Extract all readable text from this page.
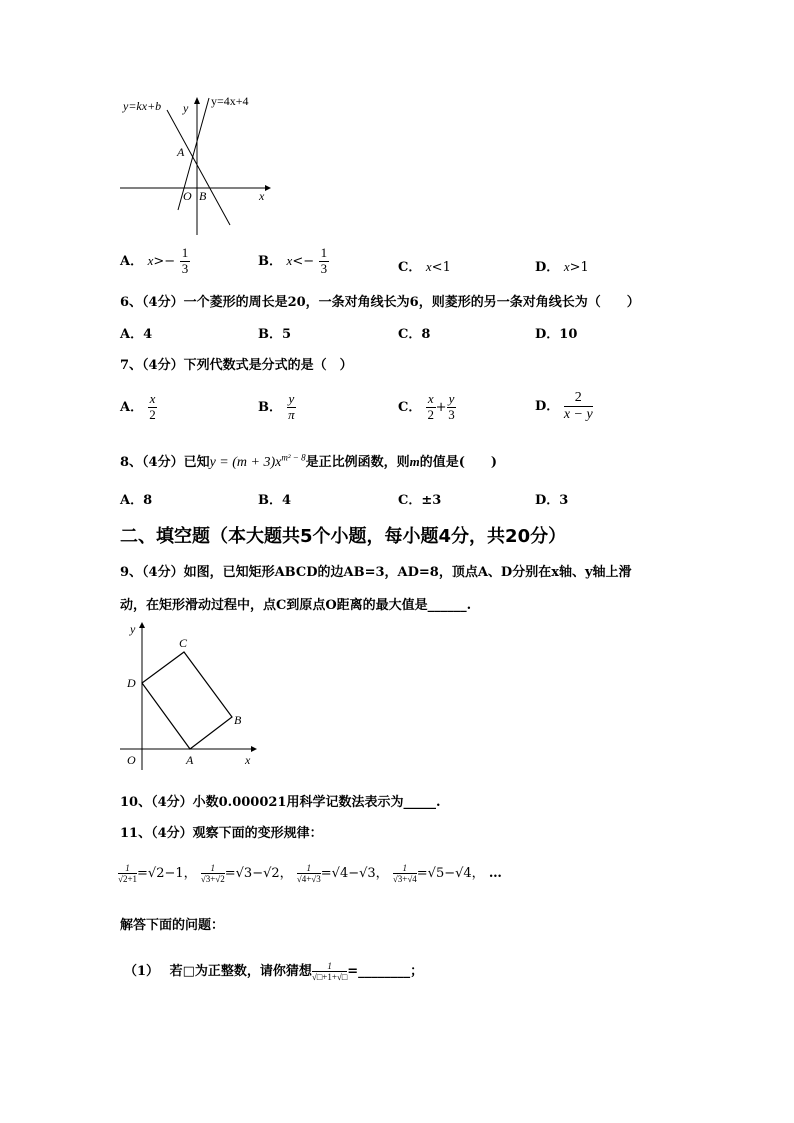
y=kx+b	y=4x+4
y
x
A
O B
A． $x>- \frac{1}{3}$	B． $x<- \frac{1}{3}$	C． x<1	D． x>1
6、（4分）一个菱形的周长是20，一条对角线长为6，则菱形的另一条对角线长为（　　）
A．4	B．5	C．8	D．10
7、（4分）下列代数式是分式的是（　）
A． $\frac{x}{2}$	B． $\frac{y}{\pi}$	C． $\frac{x}{2} + \frac{y}{3}$	D． $\frac{2}{x - y}$
8、（4分）已知$y = (m + 3)x^{m^2 - 8}$是正比例函数，则m的值是(　　)
A．8	B．4	C．±3	D．3
二、填空题（本大题共5个小题，每小题4分，共20分）
9、（4分）如图，已知矩形ABCD的边AB=3，AD=8，顶点A、D分别在x轴、y轴上滑
动，在矩形滑动过程中，点C到原点O距离的最大值是______.
y
x
O	A
B
C
D
10、（4分）小数0.000021用科学记数法表示为_____.
11、（4分）观察下面的变形规律：
$\frac{1}{√2+1} =√2-1$， $\frac{1}{√3+√2} =√3-√2$， $\frac{1}{√4+√3} =√4-√3$， $\frac{1}{√3+√4} =√5-√4$， …
解答下面的问题：
（1） 若□为正整数，请你猜想 $\frac{1}{√□+1+√□}$ =________；
